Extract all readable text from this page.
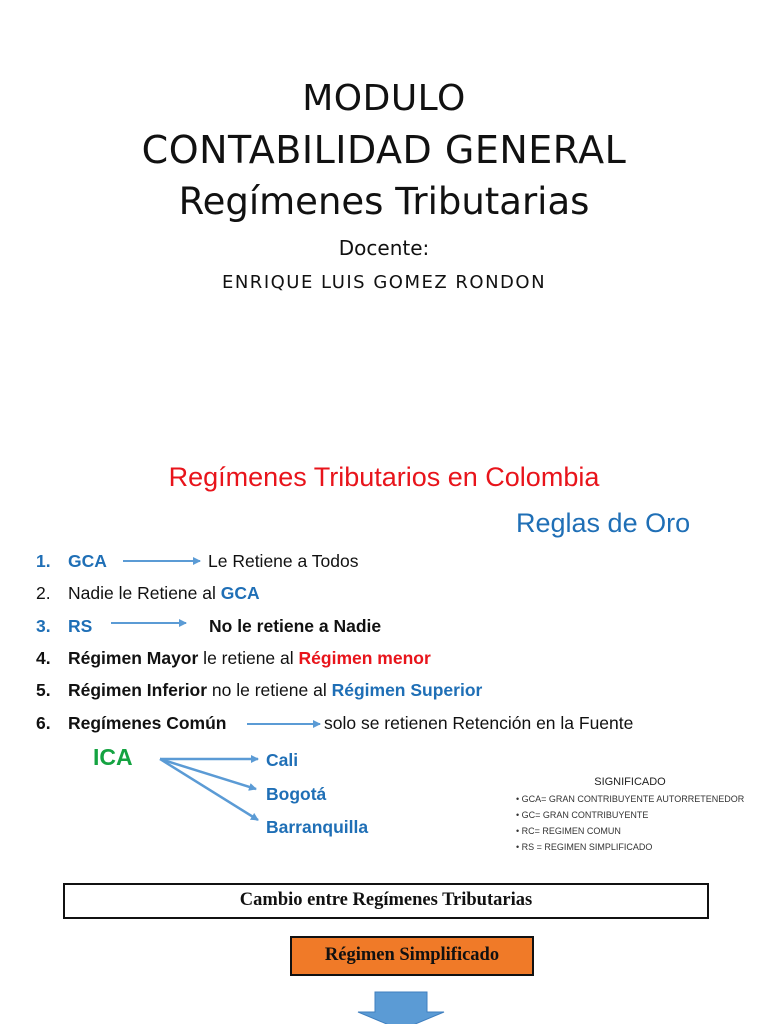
MODULO
CONTABILIDAD GENERAL
Regímenes Tributarias
Docente:
ENRIQUE LUIS GOMEZ RONDON
Regímenes Tributarios en Colombia
Reglas de Oro
1. GCA	Le Retiene a Todos
2. Nadie le Retiene al GCA
3. RS	No le retiene a Nadie
4. Régimen Mayor le retiene al Régimen menor
5. Régimen Inferior no le retiene al Régimen Superior
6. Regímenes Común	solo se retienen Retención en la Fuente
ICA	Cali
Bogotá
Barranquilla
SIGNIFICADO
• GCA= GRAN CONTRIBUYENTE AUTORRETENEDOR
• GC= GRAN CONTRIBUYENTE
• RC= REGIMEN COMUN
• RS = REGIMEN SIMPLIFICADO
Cambio entre Regímenes Tributarias
Régimen Simplificado
